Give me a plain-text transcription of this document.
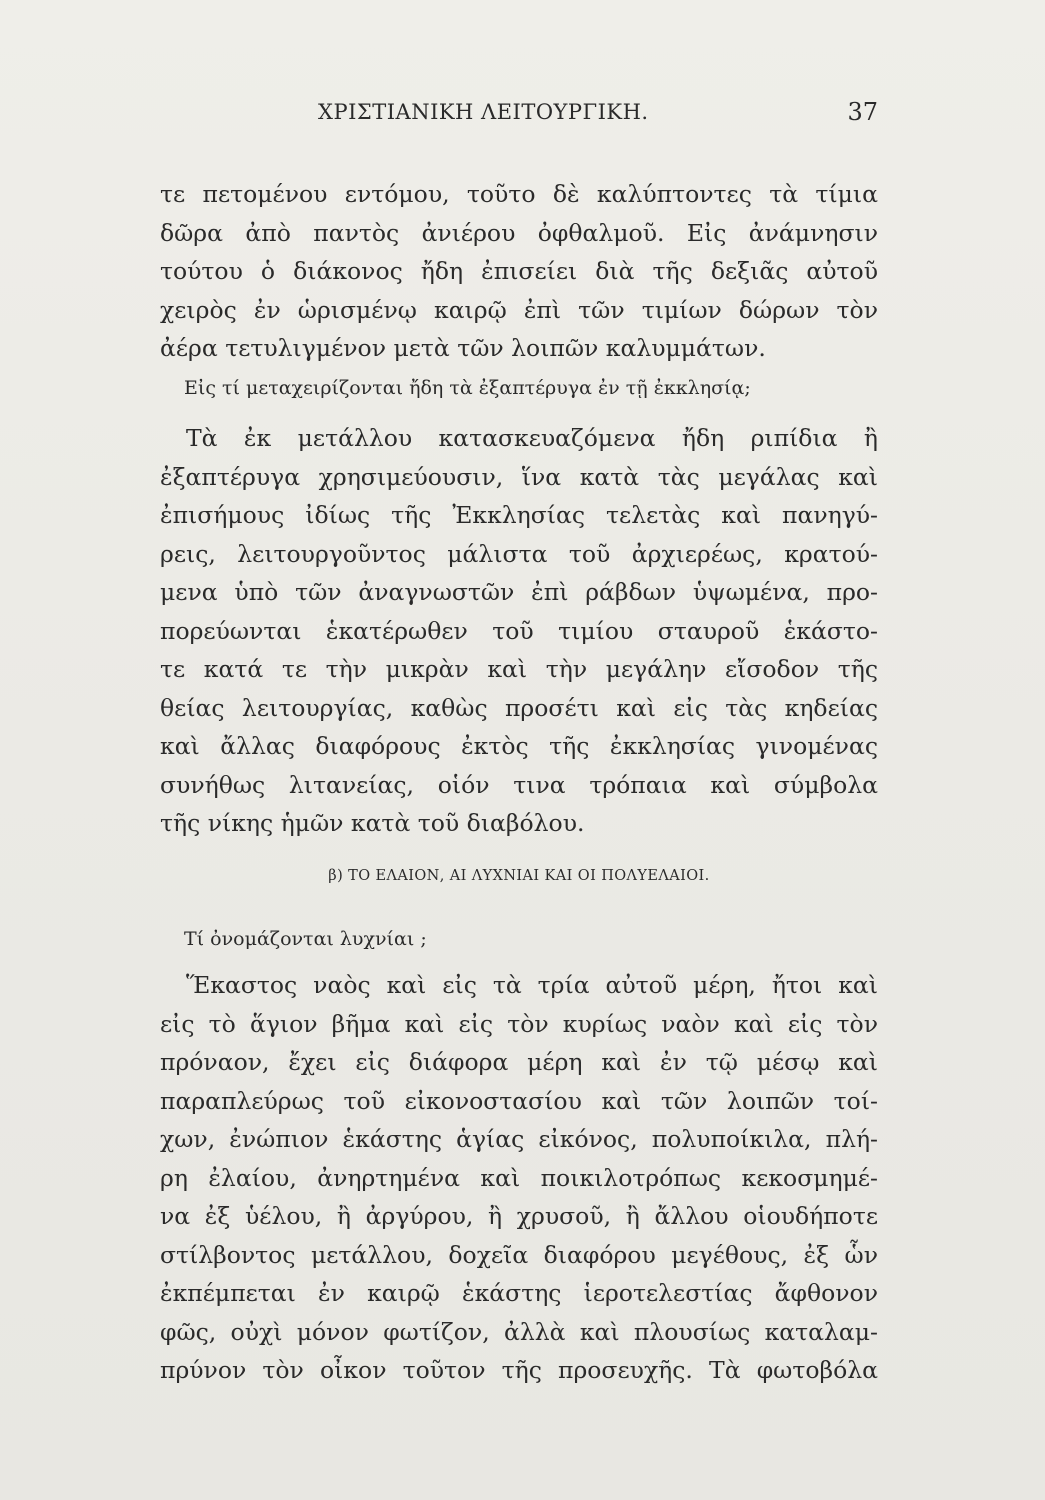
ΧΡΙΣΤΙΑΝΙΚΗ ΛΕΙΤΟΥΡΓΙΚΗ.	37
τε πετομένου εντόμου, τοῦτο δὲ καλύπτοντες τὰ τίμια
δῶρα ἀπὸ παντὸς ἀνιέρου ὀφθαλμοῦ. Εἰς ἀνάμνησιν
τούτου ὁ διάκονος ἤδη ἐπισείει διὰ τῆς δεξιᾶς αὐτοῦ
χειρὸς ἐν ὡρισμένῳ καιρῷ ἐπὶ τῶν τιμίων δώρων τὸν
ἀέρα τετυλιγμένον μετὰ τῶν λοιπῶν καλυμμάτων.
Εἰς τί μεταχειρίζονται ἤδη τὰ ἐξαπτέρυγα ἐν τῇ ἐκκλησίᾳ;
Τὰ ἐκ μετάλλου κατασκευαζόμενα ἤδη ριπίδια ἢ
ἐξαπτέρυγα χρησιμεύουσιν, ἵνα κατὰ τὰς μεγάλας καὶ
ἐπισήμους ἰδίως τῆς Ἐκκλησίας τελετὰς καὶ πανηγύ-
ρεις, λειτουργοῦντος μάλιστα τοῦ ἀρχιερέως, κρατού-
μενα ὑπὸ τῶν ἀναγνωστῶν ἐπὶ ράβδων ὑψωμένα, προ-
πορεύωνται ἑκατέρωθεν τοῦ τιμίου σταυροῦ ἑκάστο-
τε κατά τε τὴν μικρὰν καὶ τὴν μεγάλην εἴσοδον τῆς
θείας λειτουργίας, καθὼς προσέτι καὶ εἰς τὰς κηδείας
καὶ ἄλλας διαφόρους ἐκτὸς τῆς ἐκκλησίας γινομένας
συνήθως λιτανείας, οἱόν τινα τρόπαια καὶ σύμβολα
τῆς νίκης ἡμῶν κατὰ τοῦ διαβόλου.
β) ΤΟ ΕΛΑΙΟΝ, ΑΙ ΛΥΧΝΙΑΙ ΚΑΙ ΟΙ ΠΟΛΥΕΛΑΙΟΙ.
Τί ὀνομάζονται λυχνίαι ;
Ἕκαστος ναὸς καὶ εἰς τὰ τρία αὐτοῦ μέρη, ἤτοι καὶ
εἰς τὸ ἅγιον βῆμα καὶ εἰς τὸν κυρίως ναὸν καὶ εἰς τὸν
πρόναον, ἔχει εἰς διάφορα μέρη καὶ ἐν τῷ μέσῳ καὶ
παραπλεύρως τοῦ εἰκονοστασίου καὶ τῶν λοιπῶν τοί-
χων, ἐνώπιον ἑκάστης ἁγίας εἰκόνος, πολυποίκιλα, πλή-
ρη ἐλαίου, ἀνηρτημένα καὶ ποικιλοτρόπως κεκοσμημέ-
να ἐξ ὑέλου, ἢ ἀργύρου, ἢ χρυσοῦ, ἢ ἄλλου οἱουδήποτε
στίλβοντος μετάλλου, δοχεῖα διαφόρου μεγέθους, ἐξ ὧν
ἐκπέμπεται ἐν καιρῷ ἑκάστης ἱεροτελεστίας ἄφθονον
φῶς, οὐχὶ μόνον φωτίζον, ἀλλὰ καὶ πλουσίως καταλαμ-
πρύνον τὸν οἶκον τοῦτον τῆς προσευχῆς. Τὰ φωτοβόλα
